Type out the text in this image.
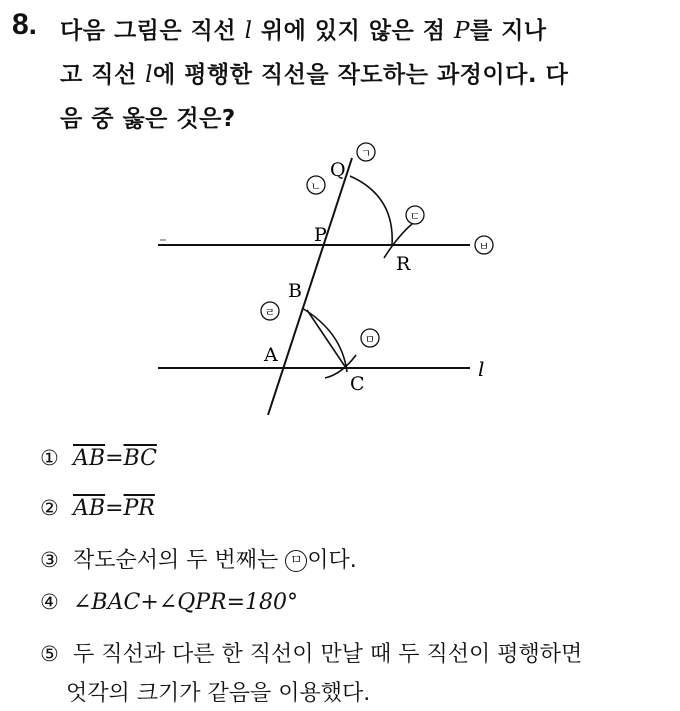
8. 다음 그림은 직선 l 위에 있지 않은 점 P를 지나
고 직선 l에 평행한 직선을 작도하는 과정이다. 다
음 중 옳은 것은?
Q
P
R
B
A
C
l
ㄱ
ㄴ
ㄷ
ㅂ
ㄹ
ㅁ
① $\overline{AB}=\overline{BC}$
② $\overline{AB}=\overline{PR}$
③ 작도순서의 두 번째는 ㅁ 이다.
④ ∠BAC+∠QPR=180°
⑤ 두 직선과 다른 한 직선이 만날 때 두 직선이 평행하면
엇각의 크기가 같음을 이용했다.
